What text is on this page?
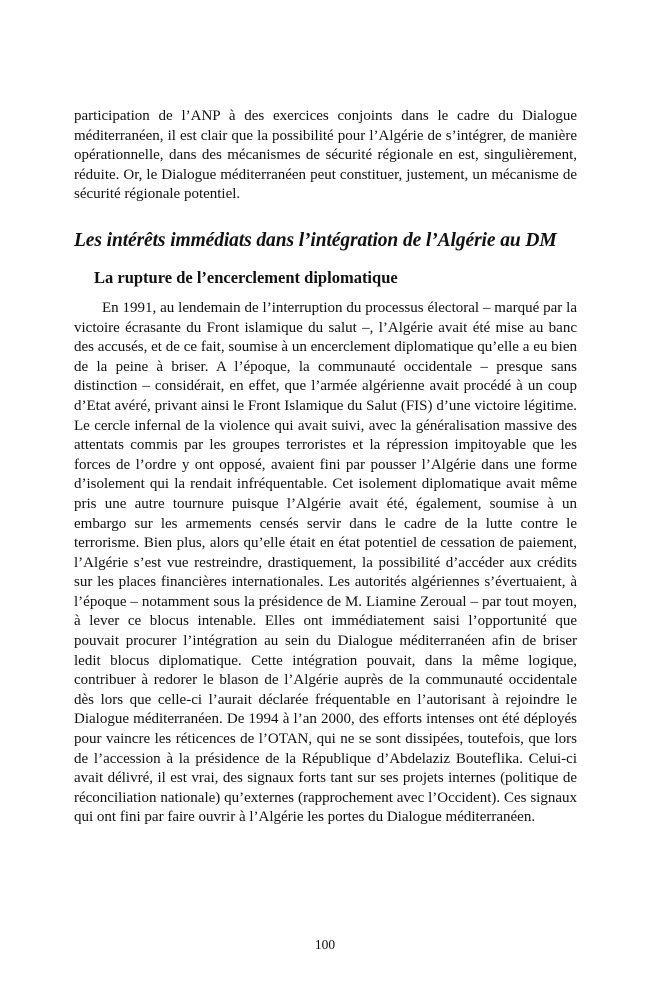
participation de l’ANP à des exercices conjoints dans le cadre du Dialogue méditerranéen, il est clair que la possibilité pour l’Algérie de s’intégrer, de manière opérationnelle, dans des mécanismes de sécurité régionale en est, singulièrement, réduite. Or, le Dialogue méditerranéen peut constituer, justement, un mécanisme de sécurité régionale potentiel.

Les intérêts immédiats dans l’intégration de l’Algérie au DM
La rupture de l’encerclement diplomatique

En 1991, au lendemain de l’interruption du processus électoral – marqué par la victoire écrasante du Front islamique du salut –, l’Algérie avait été mise au banc des accusés, et de ce fait, soumise à un encerclement diplomatique qu’elle a eu bien de la peine à briser. A l’époque, la communauté occidentale – presque sans distinction – considérait, en effet, que l’armée algérienne avait procédé à un coup d’Etat avéré, privant ainsi le Front Islamique du Salut (FIS) d’une victoire légitime. Le cercle infernal de la violence qui avait suivi, avec la généralisation massive des attentats commis par les groupes terroristes et la répression impitoyable que les forces de l’ordre y ont opposé, avaient fini par pousser l’Algérie dans une forme d’isolement qui la rendait infréquentable. Cet isolement diplomatique avait même pris une autre tournure puisque l’Algérie avait été, également, soumise à un embargo sur les armements censés servir dans le cadre de la lutte contre le terrorisme. Bien plus, alors qu’elle était en état potentiel de cessation de paiement, l’Algérie s’est vue restreindre, drastiquement, la possibilité d’accéder aux crédits sur les places financières internationales. Les autorités algériennes s’évertuaient, à l’époque – notamment sous la présidence de M. Liamine Zeroual – par tout moyen, à lever ce blocus intenable. Elles ont immédiatement saisi l’opportunité que pouvait procurer l’intégration au sein du Dialogue méditerranéen afin de briser ledit blocus diplomatique. Cette intégration pouvait, dans la même logique, contribuer à redorer le blason de l’Algérie auprès de la communauté occidentale dès lors que celle-ci l’aurait déclarée fréquentable en l’autorisant à rejoindre le Dialogue méditerranéen. De 1994 à l’an 2000, des efforts intenses ont été déployés pour vaincre les réticences de l’OTAN, qui ne se sont dissipées, toutefois, que lors de l’accession à la présidence de la République d’Abdelaziz Bouteflika. Celui-ci avait délivré, il est vrai, des signaux forts tant sur ses projets internes (politique de réconciliation nationale) qu’externes (rapprochement avec l’Occident). Ces signaux qui ont fini par faire ouvrir à l’Algérie les portes du Dialogue méditerranéen.

100
